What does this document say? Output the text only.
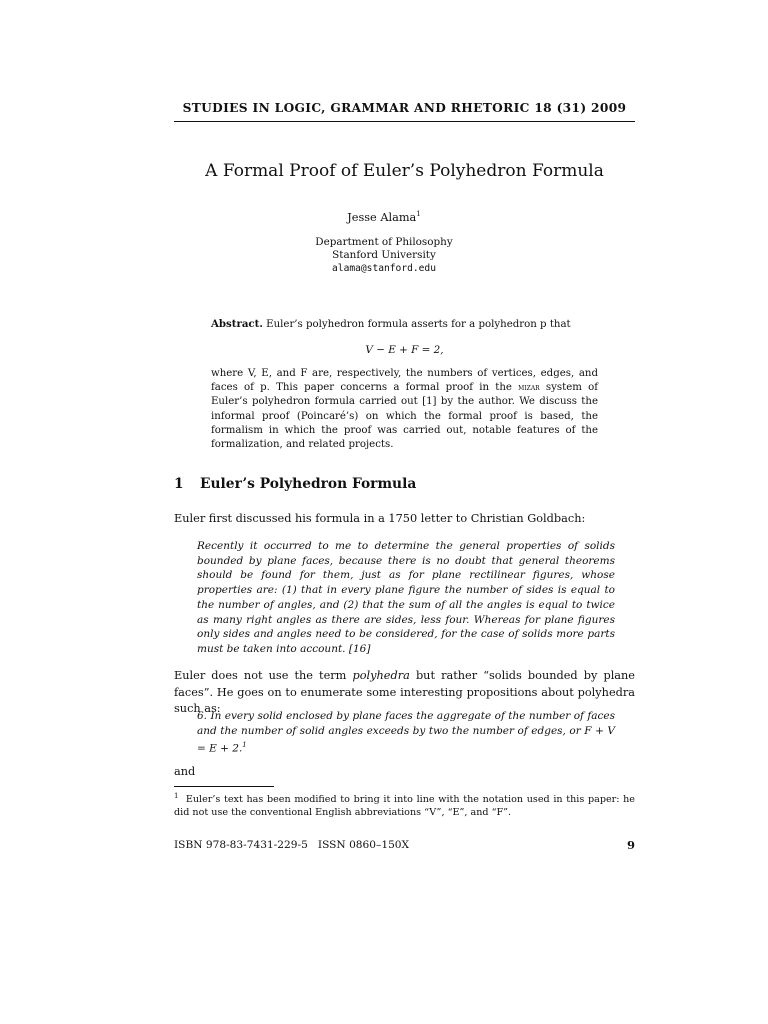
STUDIES IN LOGIC, GRAMMAR AND RHETORIC 18 (31) 2009
A Formal Proof of Euler’s Polyhedron Formula
Jesse Alama$^1$
Department of Philosophy
Stanford University
alama@stanford.edu
Abstract. Euler’s polyhedron formula asserts for a polyhedron p that
V − E + F = 2,
where V, E, and F are, respectively, the numbers of vertices, edges, and faces of p. This paper concerns a formal proof in the mizar system of Euler’s polyhedron formula carried out [1] by the author. We discuss the informal proof (Poincaré’s) on which the formal proof is based, the formalism in which the proof was carried out, notable features of the formalization, and related projects.
1 Euler’s Polyhedron Formula
Euler first discussed his formula in a 1750 letter to Christian Goldbach:
Recently it occurred to me to determine the general properties of solids bounded by plane faces, because there is no doubt that general theorems should be found for them, just as for plane rectilinear figures, whose properties are: (1) that in every plane figure the number of sides is equal to the number of angles, and (2) that the sum of all the angles is equal to twice as many right angles as there are sides, less four. Whereas for plane figures only sides and angles need to be considered, for the case of solids more parts must be taken into account. [16]
Euler does not use the term polyhedra but rather “solids bounded by plane faces”. He goes on to enumerate some interesting propositions about polyhedra such as:
6. In every solid enclosed by plane faces the aggregate of the number of faces and the number of solid angles exceeds by two the number of edges, or F + V = E + 2.$^1$
and
$^1$ Euler’s text has been modified to bring it into line with the notation used in this paper: he did not use the conventional English abbreviations “V”, “E”, and “F”.
ISBN 978-83-7431-229-5 ISSN 0860–150X	9
